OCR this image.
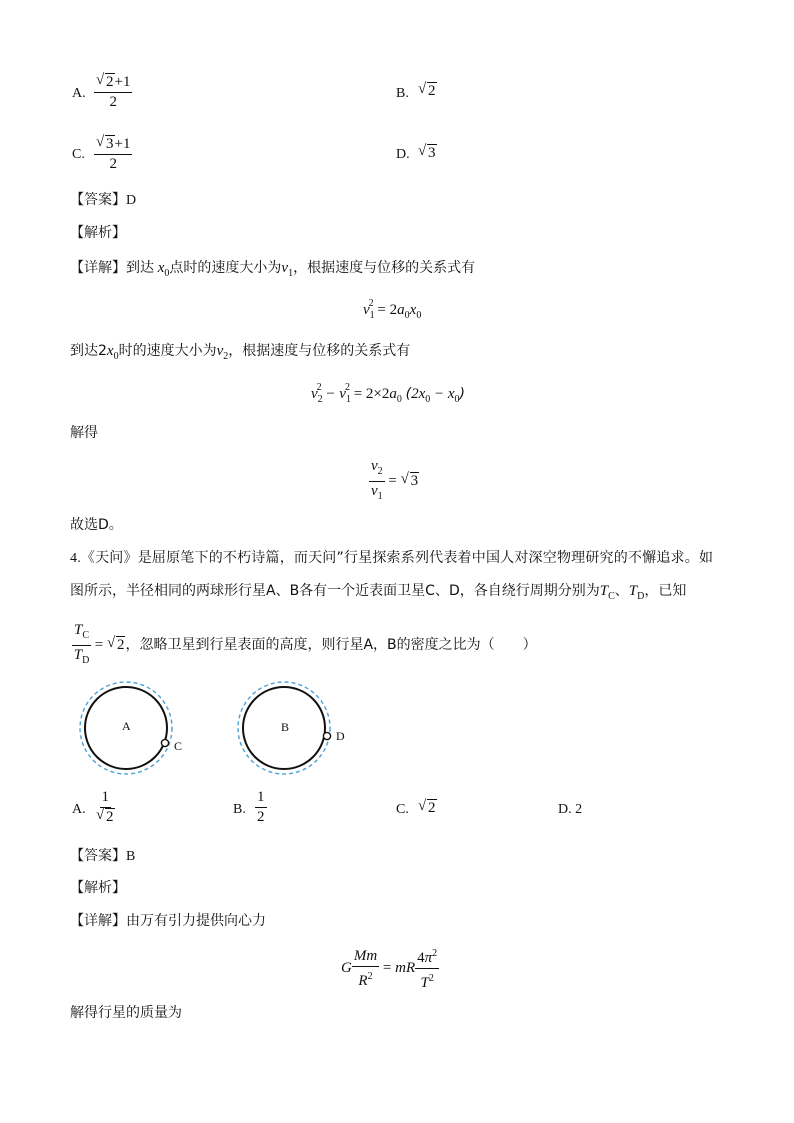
A. √ $\frac{2+1}{2}$	B.	√ 2
C. √ $\frac{3+1}{2}$	D.	√ 3
【答案】D
【解析】
【详解】到达 $x_0$点时的速度大小为$v_1$，根据速度与位移的关系式有
$v_1^2 = 2a_0x_0$
到达$2x_0$时的速度大小为$v_2$，根据速度与位移的关系式有
$v_2^2 - v_1^2 = 2\times 2a_0$ $(2x_0 - x_0)$
解得
$\frac{v_2}{v_1}$ = √ 3
故选D。
4.《天问》是屈原笔下的不朽诗篇，而天问”行星探索系列代表着中国人对深空物理研究的不懈追求。如
图所示，半径相同的两球形行星A、B各有一个近表面卫星C、D，各自绕行周期分别为$T_C$、$T_D$，已知
$\frac{T_C}{T_D}$ = √ 2，忽略卫星到行星表面的高度，则行星A，B的密度之比为（　　）
A
C
B
D
A. 1
√ 2	B. $\frac{1}{2}$	C.	√ 2	D. 2
【答案】B
【解析】
【详解】由万有引力提供向心力
G $\frac{Mm}{R^2}$ = mR $\frac{4\pi^2}{T^2}$
解得行星的质量为
